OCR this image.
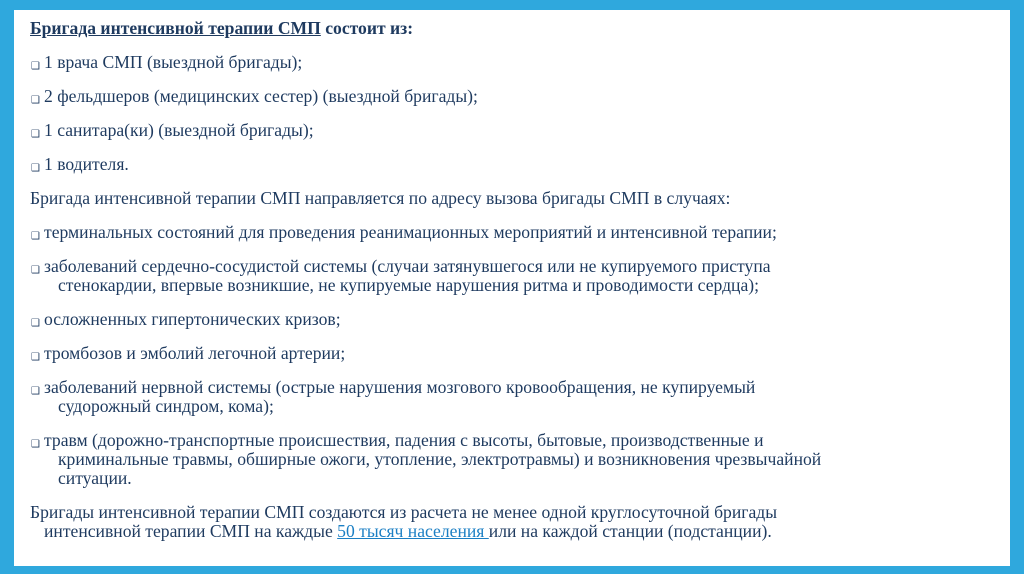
Бригада интенсивной терапии СМП состоит из:
❑ 1 врача СМП (выездной бригады);
❑ 2 фельдшеров (медицинских сестер) (выездной бригады);
❑ 1 санитара(ки) (выездной бригады);
❑ 1 водителя.
Бригада интенсивной терапии СМП направляется по адресу вызова бригады СМП в случаях:
❑ терминальных состояний для проведения реанимационных мероприятий и интенсивной терапии;
❑ заболеваний сердечно-сосудистой системы (случаи затянувшегося или не купируемого приступа
стенокардии, впервые возникшие, не купируемые нарушения ритма и проводимости сердца);
❑ осложненных гипертонических кризов;
❑ тромбозов и эмболий легочной артерии;
❑ заболеваний нервной системы (острые нарушения мозгового кровообращения, не купируемый
судорожный синдром, кома);
❑ травм (дорожно-транспортные происшествия, падения с высоты, бытовые, производственные и
криминальные травмы, обширные ожоги, утопление, электротравмы) и возникновения чрезвычайной
ситуации.
Бригады интенсивной терапии СМП создаются из расчета не менее одной круглосуточной бригады
интенсивной терапии СМП на каждые 50 тысяч населения или на каждой станции (подстанции).
